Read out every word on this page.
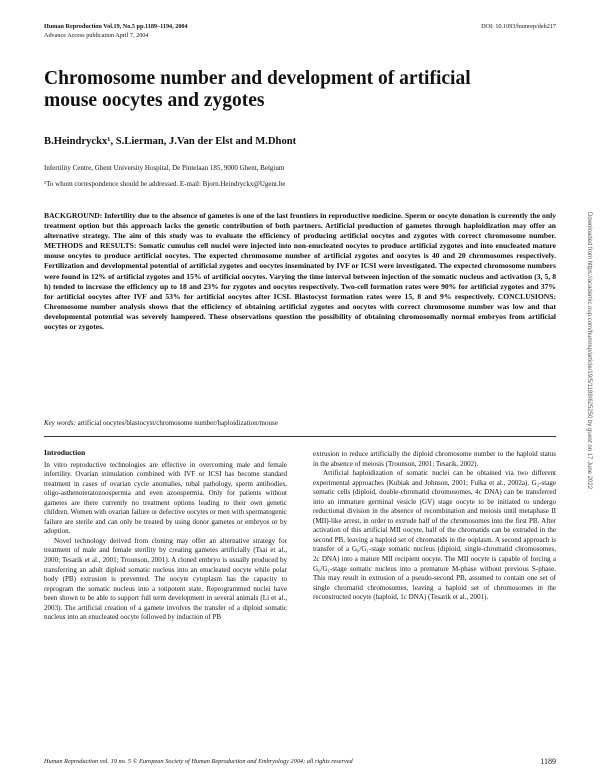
Human Reproduction Vol.19, No.5 pp.1189–1194, 2004
Advance Access publication April 7, 2004
DOI: 10.1093/humrep/deh217
Chromosome number and development of artificial mouse oocytes and zygotes
B.Heindryckx¹, S.Lierman, J.Van der Elst and M.Dhont
Infertility Centre, Ghent University Hospital, De Pintelaan 185, 9000 Ghent, Belgium
¹To whom correspondence should be addressed. E-mail: Bjorn.Heindryckx@Ugent.be

BACKGROUND: Infertility due to the absence of gametes is one of the last frontiers in reproductive medicine. Sperm or oocyte donation is currently the only treatment option but this approach lacks the genetic contribution of both partners. Artificial production of gametes through haploidization may offer an alternative strategy. The aim of this study was to evaluate the efficiency of producing artificial oocytes and zygotes with correct chromosome number. METHODS and RESULTS: Somatic cumulus cell nuclei were injected into non-enucleated oocytes to produce artificial zygotes and into enucleated mature mouse oocytes to produce artificial oocytes. The expected chromosome number of artificial zygotes and oocytes is 40 and 20 chromosomes respectively. Fertilization and developmental potential of artificial zygotes and oocytes inseminated by IVF or ICSI were investigated. The expected chromosome numbers were found in 12% of artificial zygotes and 15% of artificial oocytes. Varying the time interval between injection of the somatic nucleus and activation (3, 5, 8 h) tended to increase the efficiency up to 18 and 23% for zygotes and oocytes respectively. Two-cell formation rates were 90% for artificial zygotes and 37% for artificial oocytes after IVF and 53% for artificial oocytes after ICSI. Blastocyst formation rates were 15, 8 and 9% respectively. CONCLUSIONS: Chromosome number analysis shows that the efficiency of obtaining artificial zygotes and oocytes with correct chromosome number was low and that developmental potential was severely hampered. These observations question the possibility of obtaining chromosomally normal embryos from artificial oocytes or zygotes.

Key words: artificial oocytes/blastocyst/chromosome number/haploidization/mouse
Introduction

In vitro reproductive technologies are effective in overcoming male and female infertility. Ovarian stimulation combined with IVF or ICSI has become standard treatment in cases of ovarian cycle anomalies, tubal pathology, sperm antibodies, oligo-asthenoteratozoospermia and even azoospermia. Only for patients without gametes are there currently no treatment options leading to their own genetic children. Women with ovarian failure or defective oocytes or men with spermatogenic failure are sterile and can only be treated by using donor gametes or embryos or by adoption.

Novel technology derived from cloning may offer an alternative strategy for treatment of male and female sterility by creating gametes artificially (Tsai et al., 2000; Tesarik et al., 2001; Trounson, 2001). A cloned embryo is usually produced by transferring an adult diploid somatic nucleus into an enucleated oocyte while polar body (PB) extrusion is prevented. The oocyte cytoplasm has the capacity to reprogram the somatic nucleus into a totipotent state. Reprogrammed nuclei have been shown to be able to support full term development in several animals (Li et al., 2003). The artificial creation of a gamete involves the transfer of a diploid somatic nucleus into an enucleated oocyte followed by induction of PB

extrusion to reduce artificially the diploid chromosome number to the haploid status in the absence of meiosis (Trounson, 2001; Tesarik, 2002).

Artificial haploidization of somatic nuclei can be obtained via two different experimental approaches (Kubiak and Johnson, 2001; Fulka et al., 2002a). G₂-stage somatic cells (diploid, double-chromatid chromosomes, 4c DNA) can be transferred into an immature germinal vesicle (GV) stage oocyte to be initiated to undergo reductional division in the absence of recombination and meiosis until metaphase II (MII)-like arrest, in order to extrude half of the chromosomes into the first PB. After activation of this artificial MII oocyte, half of the chromatids can be extruded in the second PB, leaving a haploid set of chromatids in the ooplasm. A second approach is transfer of a G₀/G₁-stage somatic nucleus (diploid, single-chromatid chromosomes, 2c DNA) into a mature MII recipient oocyte. The MII oocyte is capable of forcing a G₀/G₁-stage somatic nucleus into a premature M-phase without previous S-phase. This may result in extrusion of a pseudo-second PB, assumed to contain one set of single chromatid chromosomes, leaving a haploid set of chromosomes in the reconstructed oocyte (haploid, 1c DNA) (Tesarik et al., 2001).

Human Reproduction vol. 19 no. 5 © European Society of Human Reproduction and Embryology 2004; all rights reserved	1189
Downloaded from https://academic.oup.com/humrep/article/19/5/1189/625250 by guest on 17 June 2022
